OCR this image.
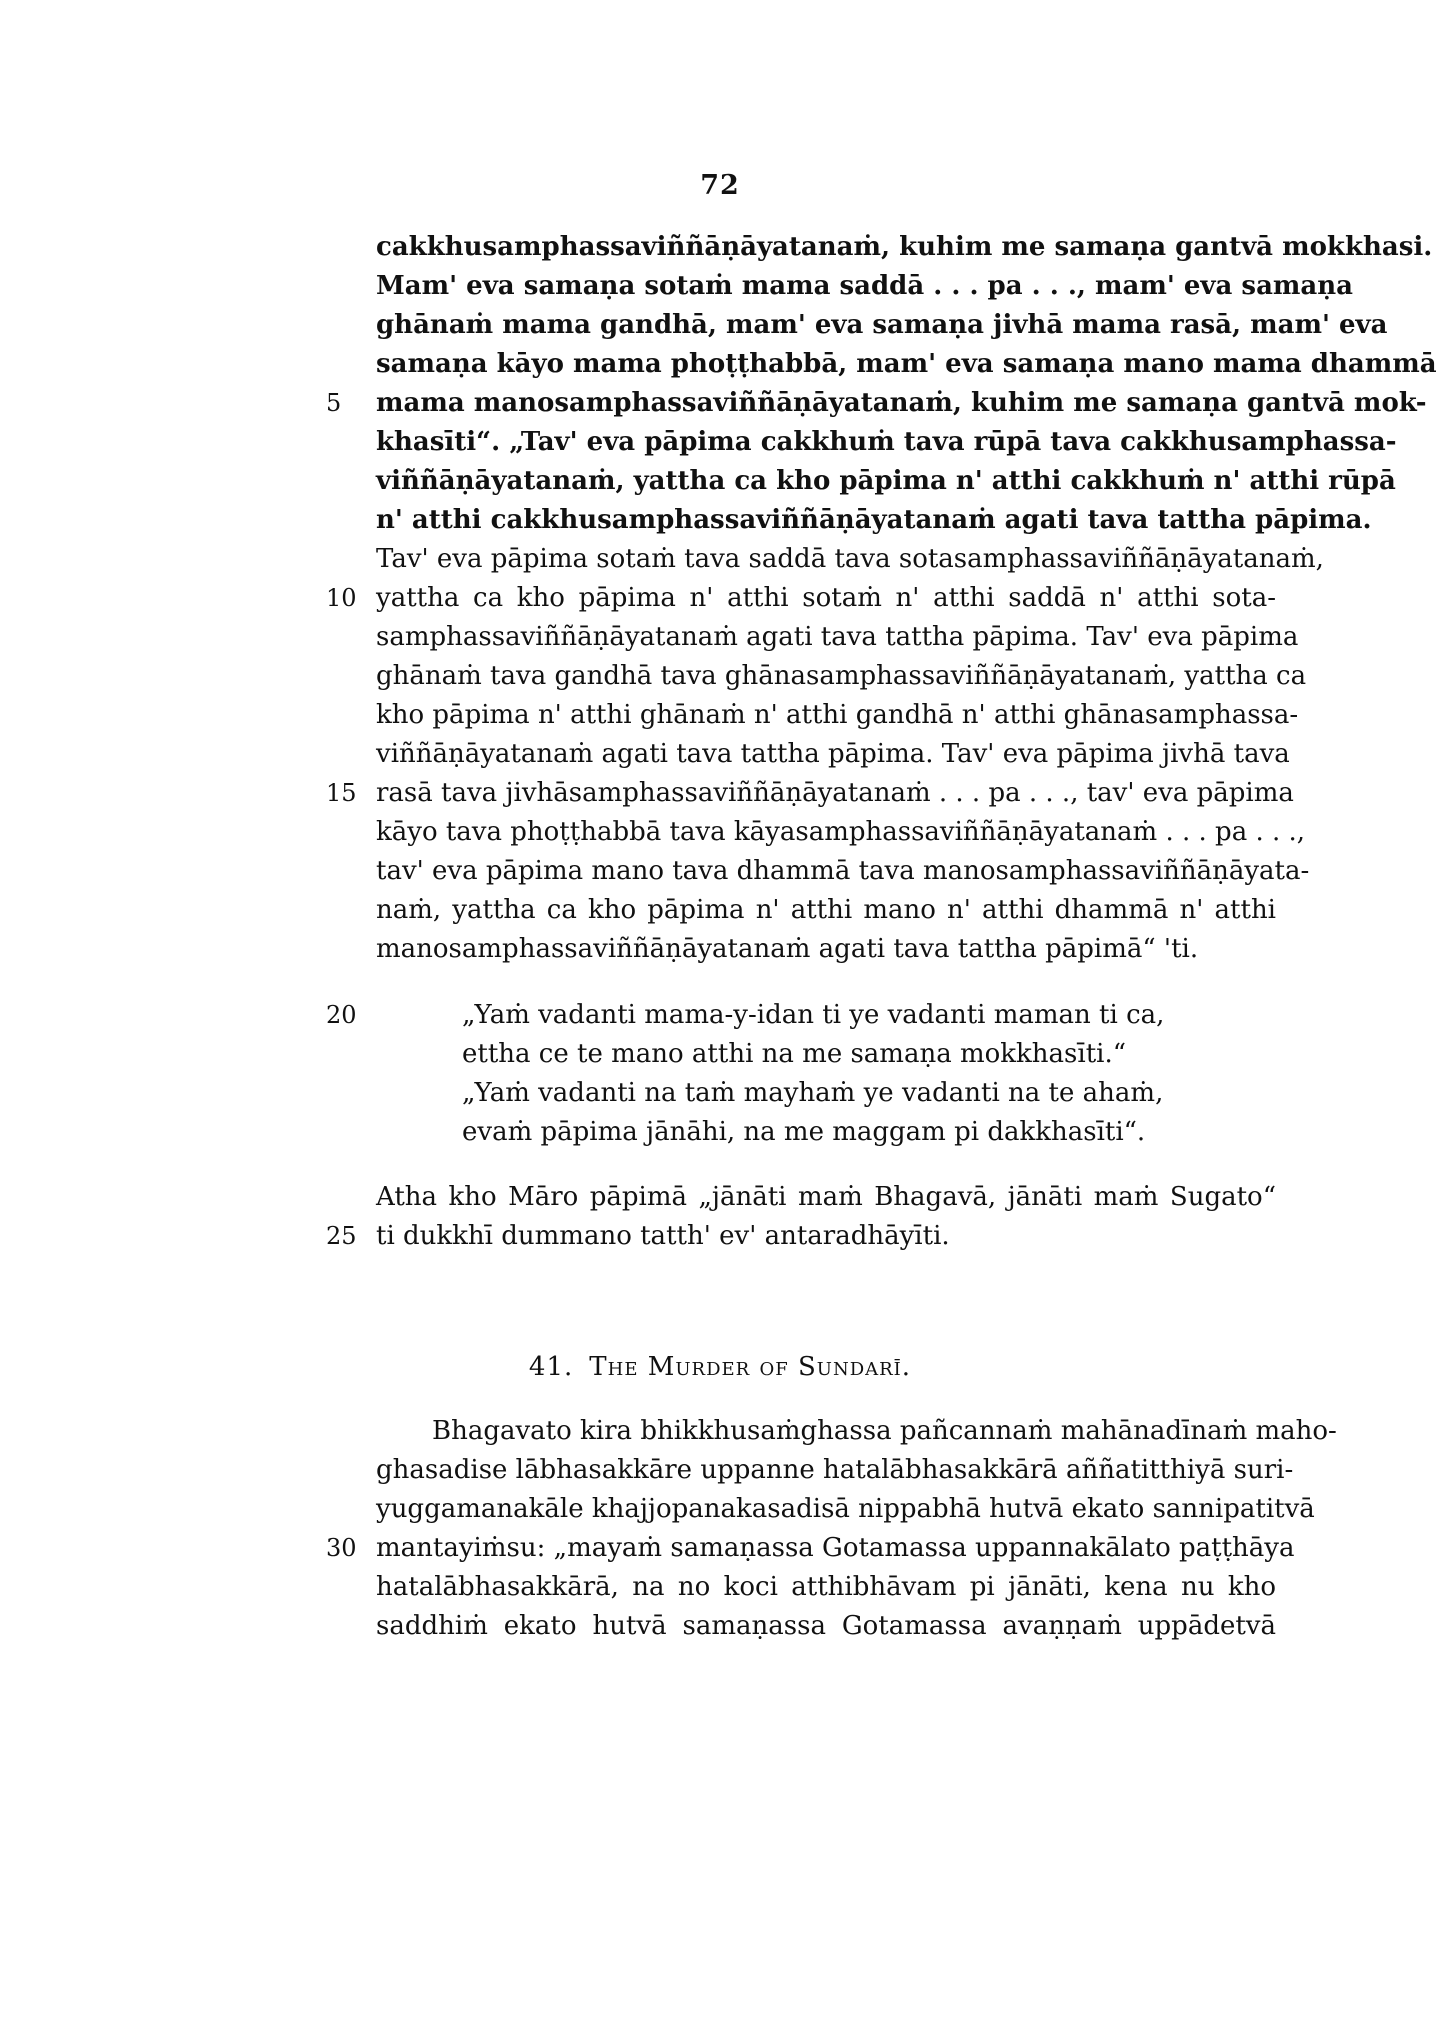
72
cakkhusamphassaviññāṇāyatanaṁ, kuhim me samaṇa gantvā mokkhasi.
Mam' eva samaṇa sotaṁ mama saddā . . . pa . . ., mam' eva samaṇa
ghānaṁ mama gandhā, mam' eva samaṇa jivhā mama rasā, mam' eva
samaṇa kāyo mama phoṭṭhabbā, mam' eva samaṇa mano mama dhammā
mama manosamphassaviññāṇāyatanaṁ, kuhim me samaṇa gantvā mok-
khasīti“. „Tav' eva pāpima cakkhuṁ tava rūpā tava cakkhusamphassa-
viññāṇāyatanaṁ, yattha ca kho pāpima n' atthi cakkhuṁ n' atthi rūpā
n' atthi cakkhusamphassaviññāṇāyatanaṁ agati tava tattha pāpima.
Tav' eva pāpima sotaṁ tava saddā tava sotasamphassaviññāṇāyatanaṁ,
yattha ca kho pāpima n' atthi sotaṁ n' atthi saddā n' atthi sota-
samphassaviññāṇāyatanaṁ agati tava tattha pāpima. Tav' eva pāpima
ghānaṁ tava gandhā tava ghānasamphassaviññāṇāyatanaṁ, yattha ca
kho pāpima n' atthi ghānaṁ n' atthi gandhā n' atthi ghānasamphassa-
viññāṇāyatanaṁ agati tava tattha pāpima. Tav' eva pāpima jivhā tava
rasā tava jivhāsamphassaviññāṇāyatanaṁ . . . pa . . ., tav' eva pāpima
kāyo tava phoṭṭhabbā tava kāyasamphassaviññāṇāyatanaṁ . . . pa . . .,
tav' eva pāpima mano tava dhammā tava manosamphassaviññāṇāyata-
naṁ, yattha ca kho pāpima n' atthi mano n' atthi dhammā n' atthi
manosamphassaviññāṇāyatanaṁ agati tava tattha pāpimā“ 'ti.
„Yaṁ vadanti mama-y-idan ti ye vadanti maman ti ca,
ettha ce te mano atthi na me samaṇa mokkhasīti.“
„Yaṁ vadanti na taṁ mayhaṁ ye vadanti na te ahaṁ,
evaṁ pāpima jānāhi, na me maggam pi dakkhasīti“.
Atha kho Māro pāpimā „jānāti maṁ Bhagavā, jānāti maṁ Sugato“
ti dukkhī dummano tatth' ev' antaradhāyīti.
41. The Murder of Sundarī.
Bhagavato kira bhikkhusaṁghassa pañcannaṁ mahānadīnaṁ maho-
ghasadise lābhasakkāre uppanne hatalābhasakkārā aññatitthiyā suri-
yuggamanakāle khajjopanakasadisā nippabhā hutvā ekato sannipatitvā
mantayiṁsu: „mayaṁ samaṇassa Gotamassa uppannakālato paṭṭhāya
hatalābhasakkārā, na no koci atthibhāvam pi jānāti, kena nu kho
saddhiṁ ekato hutvā samaṇassa Gotamassa avaṇṇaṁ uppādetvā
5
10
15
20
25
30
